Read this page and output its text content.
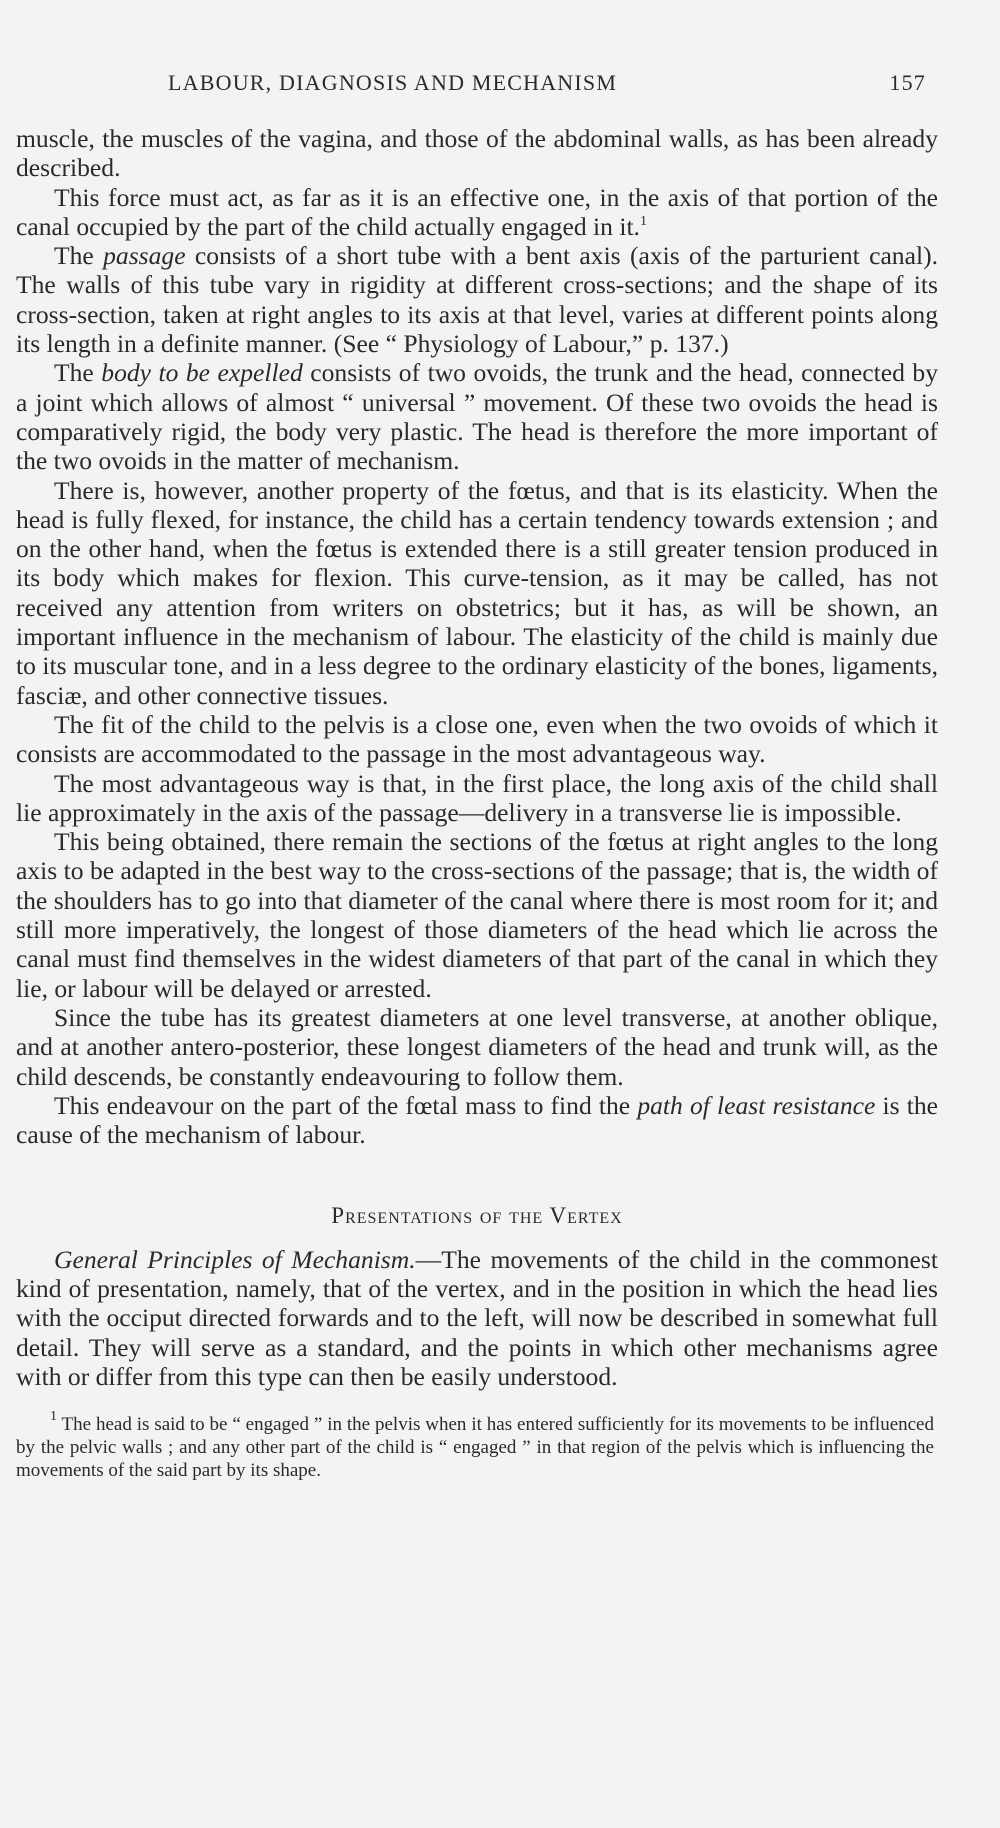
LABOUR, DIAGNOSIS AND MECHANISM	157

muscle, the muscles of the vagina, and those of the abdominal walls, as has been already described.

This force must act, as far as it is an effective one, in the axis of that portion of the canal occupied by the part of the child actually engaged in it.$^1$

The passage consists of a short tube with a bent axis (axis of the parturient canal). The walls of this tube vary in rigidity at different cross-sections; and the shape of its cross-section, taken at right angles to its axis at that level, varies at different points along its length in a definite manner. (See “ Physiology of Labour,” p. 137.)

The body to be expelled consists of two ovoids, the trunk and the head, connected by a joint which allows of almost “ universal ” movement. Of these two ovoids the head is comparatively rigid, the body very plastic. The head is therefore the more important of the two ovoids in the matter of mechanism.

There is, however, another property of the fœtus, and that is its elasticity. When the head is fully flexed, for instance, the child has a certain tendency towards extension ; and on the other hand, when the fœtus is extended there is a still greater tension produced in its body which makes for flexion. This curve-tension, as it may be called, has not received any attention from writers on obstetrics; but it has, as will be shown, an important influence in the mechanism of labour. The elasticity of the child is mainly due to its muscular tone, and in a less degree to the ordinary elasticity of the bones, ligaments, fasciæ, and other connective tissues.

The fit of the child to the pelvis is a close one, even when the two ovoids of which it consists are accommodated to the passage in the most advantageous way.

The most advantageous way is that, in the first place, the long axis of the child shall lie approximately in the axis of the passage—delivery in a transverse lie is impossible.

This being obtained, there remain the sections of the fœtus at right angles to the long axis to be adapted in the best way to the cross-sections of the passage; that is, the width of the shoulders has to go into that diameter of the canal where there is most room for it; and still more imperatively, the longest of those diameters of the head which lie across the canal must find themselves in the widest diameters of that part of the canal in which they lie, or labour will be delayed or arrested.

Since the tube has its greatest diameters at one level transverse, at another oblique, and at another antero-posterior, these longest diameters of the head and trunk will, as the child descends, be constantly endeavouring to follow them.

This endeavour on the part of the fœtal mass to find the path of least resistance is the cause of the mechanism of labour.

Presentations of the Vertex

General Principles of Mechanism.—The movements of the child in the commonest kind of presentation, namely, that of the vertex, and in the position in which the head lies with the occiput directed forwards and to the left, will now be described in somewhat full detail. They will serve as a standard, and the points in which other mechanisms agree with or differ from this type can then be easily understood.

$^1$ The head is said to be “ engaged ” in the pelvis when it has entered sufficiently for its movements to be influenced by the pelvic walls ; and any other part of the child is “ engaged ” in that region of the pelvis which is influencing the movements of the said part by its shape.
